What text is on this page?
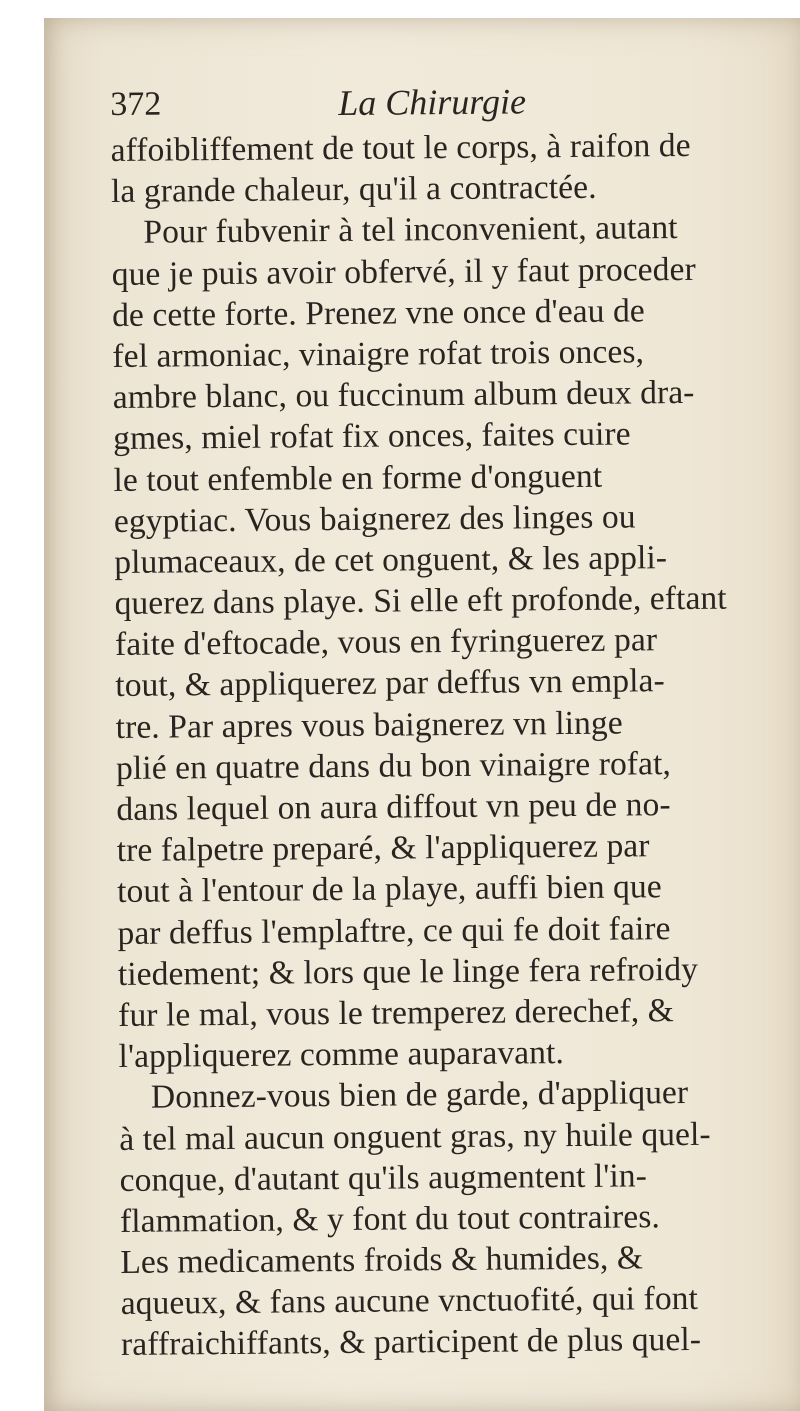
372	La Chirurgie
affoibliffement de tout le corps, à raifon de
la grande chaleur, qu'il a contractée.
Pour fubvenir à tel inconvenient, autant
que je puis avoir obfervé, il y faut proceder
de cette forte. Prenez vne once d'eau de
fel armoniac, vinaigre rofat trois onces,
ambre blanc, ou fuccinum album deux dra-
gmes, miel rofat fix onces, faites cuire
le tout enfemble en forme d'onguent
egyptiac. Vous baignerez des linges ou
plumaceaux, de cet onguent, & les appli-
querez dans playe. Si elle eft profonde, eftant
faite d'eftocade, vous en fyringuerez par
tout, & appliquerez par deffus vn empla-
tre. Par apres vous baignerez vn linge
plié en quatre dans du bon vinaigre rofat,
dans lequel on aura diffout vn peu de no-
tre falpetre preparé, & l'appliquerez par
tout à l'entour de la playe, auffi bien que
par deffus l'emplaftre, ce qui fe doit faire
tiedement; & lors que le linge fera refroidy
fur le mal, vous le tremperez derechef, &
l'appliquerez comme auparavant.
Donnez-vous bien de garde, d'appliquer
à tel mal aucun onguent gras, ny huile quel-
conque, d'autant qu'ils augmentent l'in-
flammation, & y font du tout contraires.
Les medicaments froids & humides, &
aqueux, & fans aucune vnctuofité, qui font
raffraichiffants, & participent de plus quel-
